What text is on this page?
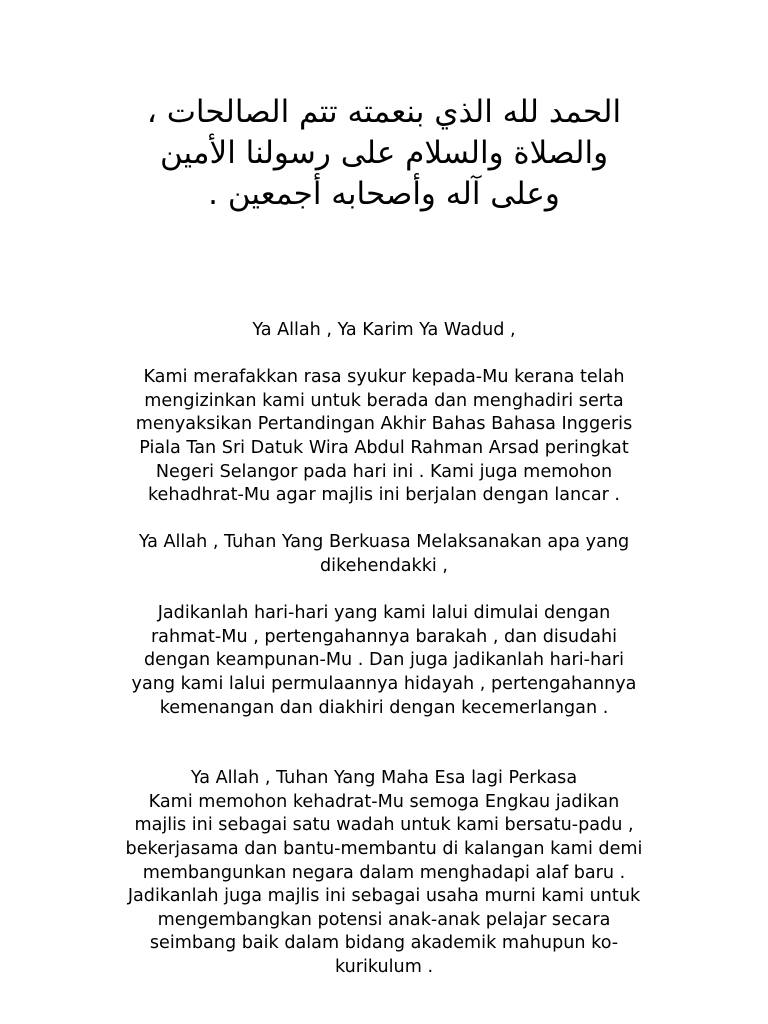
الحمد لله الذي بنعمته تتم الصالحات ،
والصلاة والسلام على رسولنا الأمين
وعلى آله وأصحابه أجمعين .
Ya Allah , Ya Karim Ya Wadud ,
Kami merafakkan rasa syukur kepada-Mu kerana telah
mengizinkan kami untuk berada dan menghadiri serta
menyaksikan Pertandingan Akhir Bahas Bahasa Inggeris
Piala Tan Sri Datuk Wira Abdul Rahman Arsad peringkat
Negeri Selangor pada hari ini . Kami juga memohon
kehadhrat-Mu agar majlis ini berjalan dengan lancar .
Ya Allah , Tuhan Yang Berkuasa Melaksanakan apa yang
dikehendakki ,
Jadikanlah hari-hari yang kami lalui dimulai dengan
rahmat-Mu , pertengahannya barakah , dan disudahi
dengan keampunan-Mu . Dan juga jadikanlah hari-hari
yang kami lalui permulaannya hidayah , pertengahannya
kemenangan dan diakhiri dengan kecemerlangan .
Ya Allah , Tuhan Yang Maha Esa lagi Perkasa
Kami memohon kehadrat-Mu semoga Engkau jadikan
majlis ini sebagai satu wadah untuk kami bersatu-padu ,
bekerjasama dan bantu-membantu di kalangan kami demi
membangunkan negara dalam menghadapi alaf baru .
Jadikanlah juga majlis ini sebagai usaha murni kami untuk
mengembangkan potensi anak-anak pelajar secara
seimbang baik dalam bidang akademik mahupun ko-
kurikulum .
